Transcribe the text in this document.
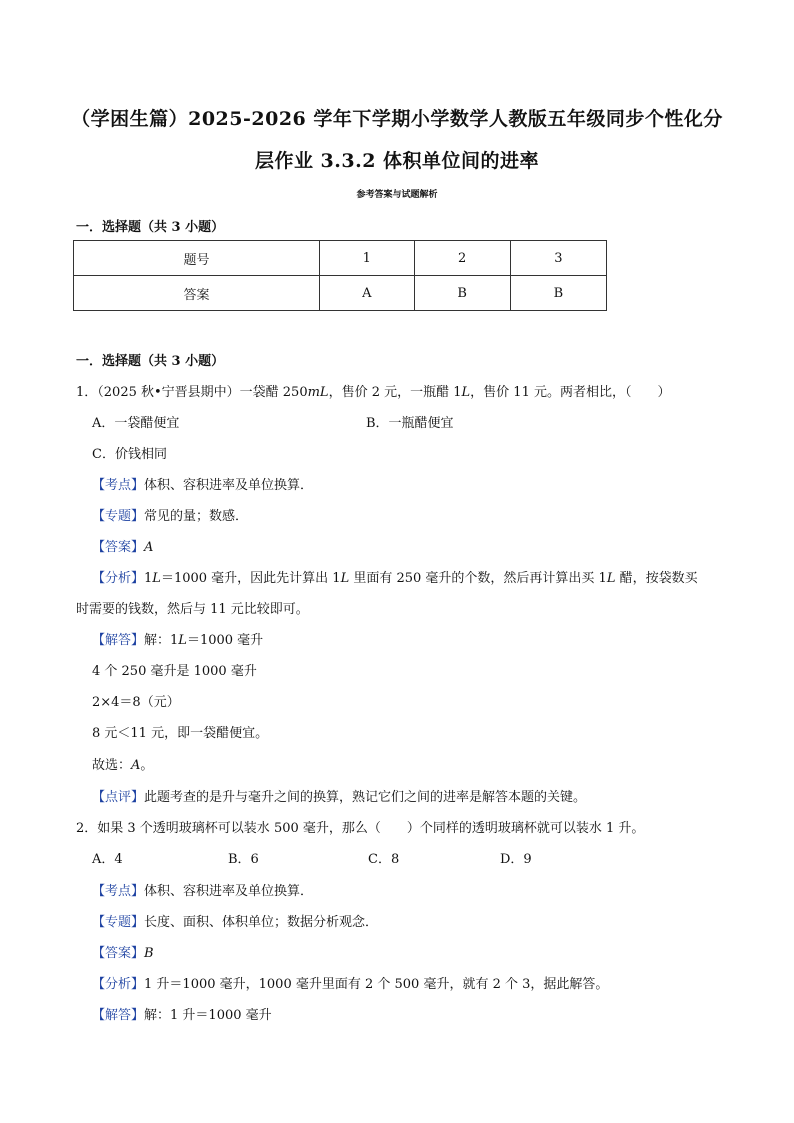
（学困生篇）2025-2026 学年下学期小学数学人教版五年级同步个性化分
层作业 3.3.2 体积单位间的进率
参考答案与试题解析
一．选择题（共 3 小题）
题号	1	2	3
答案	A	B	B
一．选择题（共 3 小题）
1．（2025 秋•宁晋县期中）一袋醋 250mL，售价 2 元，一瓶醋 1L，售价 11 元。两者相比，（　　）
A．一袋醋便宜	B．一瓶醋便宜
C．价钱相同
【考点】体积、容积进率及单位换算．
【专题】常见的量；数感．
【答案】A
【分析】1L＝1000 毫升，因此先计算出 1L 里面有 250 毫升的个数，然后再计算出买 1L 醋，按袋数买
时需要的钱数，然后与 11 元比较即可。
【解答】解：1L＝1000 毫升
4 个 250 毫升是 1000 毫升
2×4＝8（元）
8 元＜11 元，即一袋醋便宜。
故选：A。
【点评】此题考查的是升与毫升之间的换算，熟记它们之间的进率是解答本题的关键。
2．如果 3 个透明玻璃杯可以装水 500 毫升，那么（　　）个同样的透明玻璃杯就可以装水 1 升。
A．4	B．6	C．8	D．9
【考点】体积、容积进率及单位换算．
【专题】长度、面积、体积单位；数据分析观念．
【答案】B
【分析】1 升＝1000 毫升，1000 毫升里面有 2 个 500 毫升，就有 2 个 3，据此解答。
【解答】解：1 升＝1000 毫升
